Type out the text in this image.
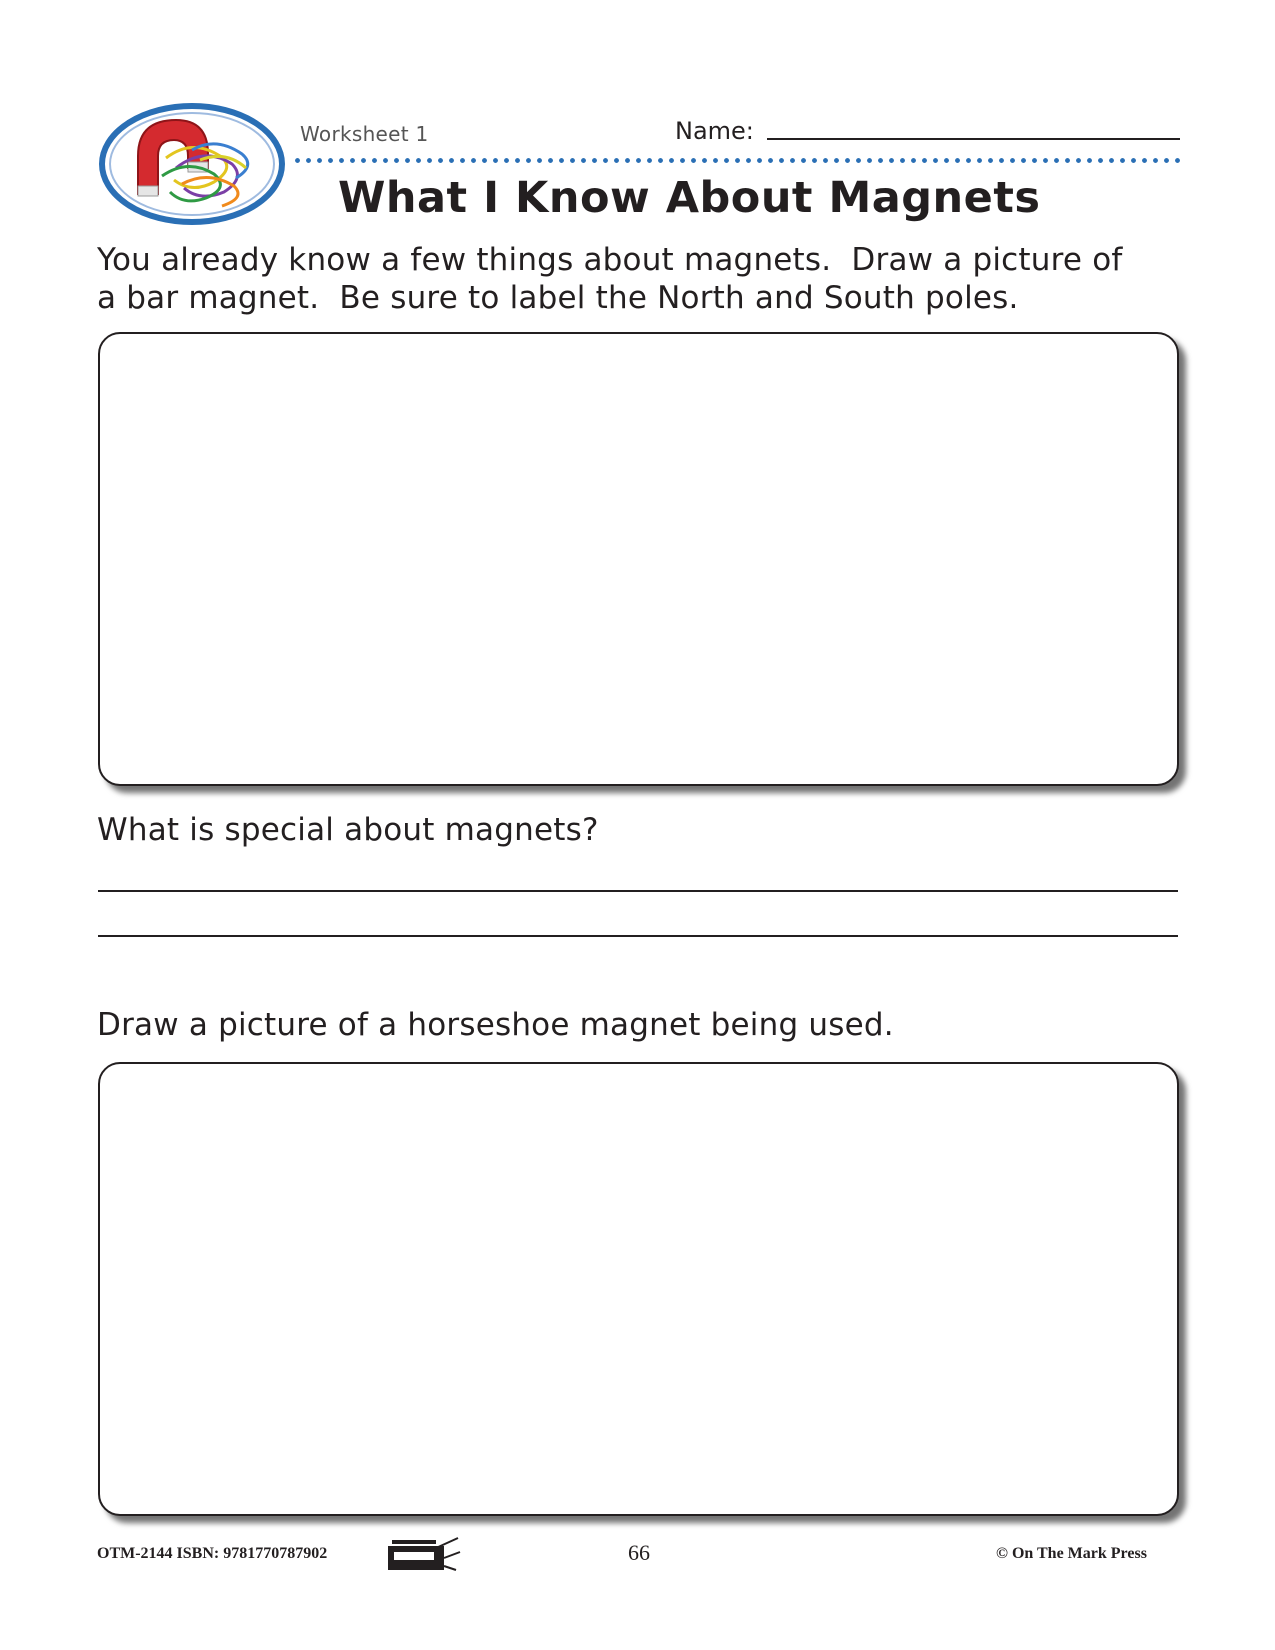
Worksheet 1	Name:
What I Know About Magnets
You already know a few things about magnets.  Draw a picture of
a bar magnet.  Be sure to label the North and South poles.
What is special about magnets?
Draw a picture of a horseshoe magnet being used.
OTM-2144 ISBN: 9781770787902	66	© On The Mark Press
